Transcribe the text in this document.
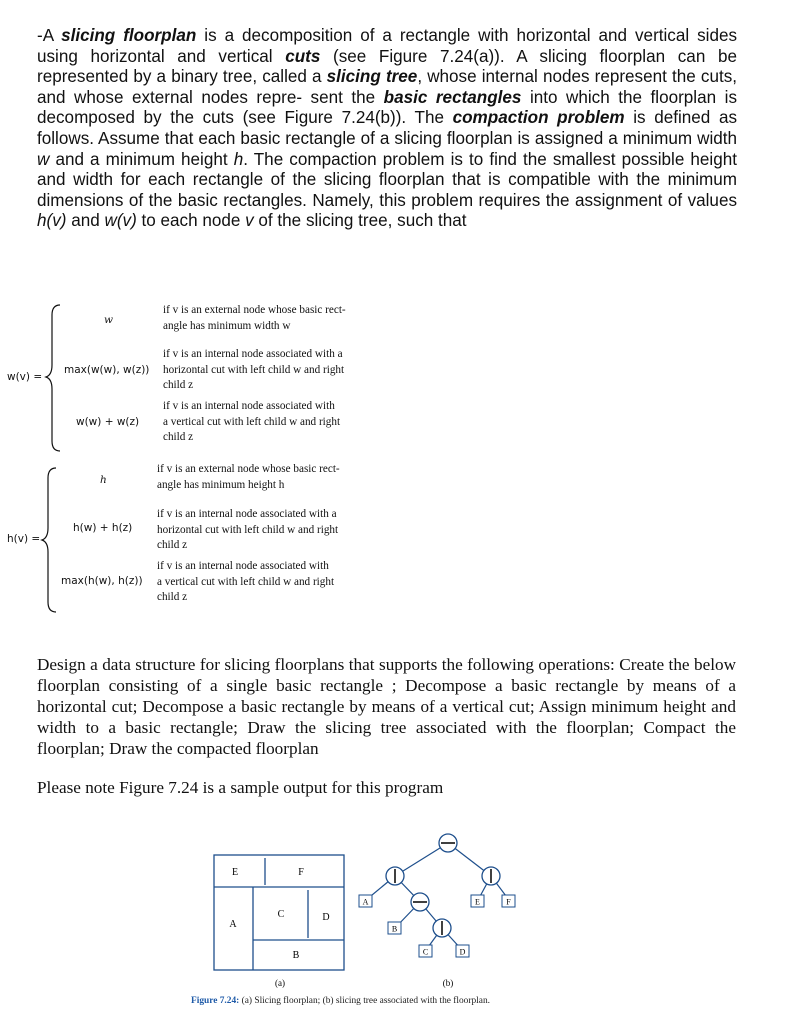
-A slicing floorplan is a decomposition of a rectangle with horizontal and vertical sides using horizontal and vertical cuts (see Figure 7.24(a)). A slicing floorplan can be represented by a binary tree, called a slicing tree, whose internal nodes represent the cuts, and whose external nodes repre- sent the basic rectangles into which the floorplan is decomposed by the cuts (see Figure 7.24(b)). The compaction problem is defined as follows. Assume that each basic rectangle of a slicing floorplan is assigned a minimum width w and a minimum height h. The compaction problem is to find the smallest possible height and width for each rectangle of the slicing floorplan that is compatible with the minimum dimensions of the basic rectangles. Namely, this problem requires the assignment of values h(v) and w(v) to each node v of the slicing tree, such that

w(v) =
w
if v is an external node whose basic rect-
angle has minimum width w
max(w(w), w(z))
if v is an internal node associated with a
horizontal cut with left child w and right
child z
w(w) + w(z)
if v is an internal node associated with
a vertical cut with left child w and right
child z
h(v) =
h
if v is an external node whose basic rect-
angle has minimum height h
h(w) + h(z)
if v is an internal node associated with a
horizontal cut with left child w and right
child z
max(h(w), h(z))
if v is an internal node associated with
a vertical cut with left child w and right
child z

Design a data structure for slicing floorplans that supports the following operations: Create the below floorplan consisting of a single basic rectangle ; Decompose a basic rectangle by means of a horizontal cut; Decompose a basic rectangle by means of a vertical cut; Assign minimum height and width to a basic rectangle; Draw the slicing tree associated with the floorplan; Compact the floorplan; Draw the compacted floorplan

Please note Figure 7.24 is a sample output for this program

E	F
A
C	D
B
A
B
C	D
E	F
(a)	(b)
Figure 7.24: (a) Slicing floorplan; (b) slicing tree associated with the floorplan.
